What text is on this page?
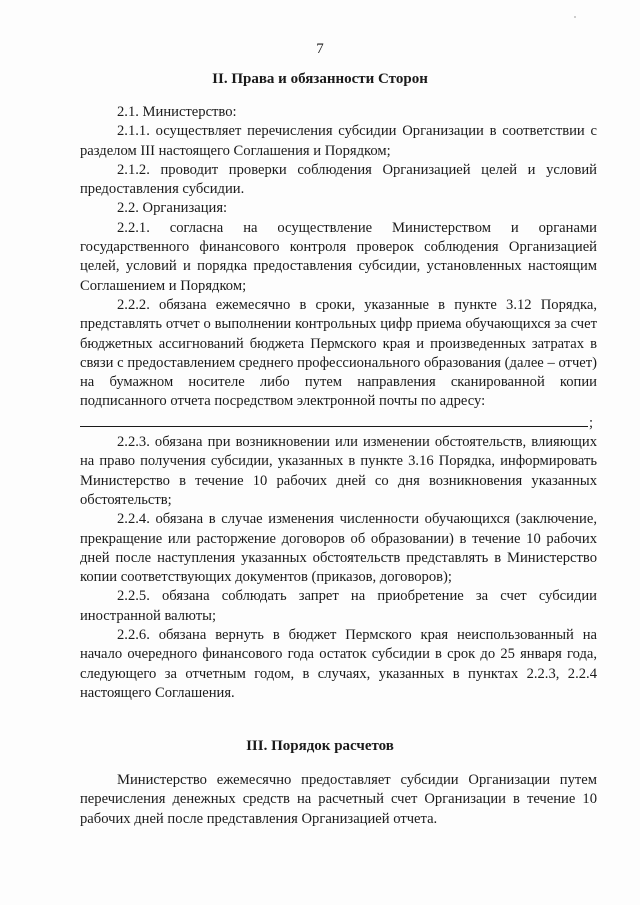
7
II. Права и обязанности Сторон

2.1. Министерство:

2.1.1. осуществляет перечисления субсидии Организации в соответствии с разделом III настоящего Соглашения и Порядком;

2.1.2. проводит проверки соблюдения Организацией целей и условий предоставления субсидии.

2.2. Организация:

2.2.1. согласна на осуществление Министерством и органами государственного финансового контроля проверок соблюдения Организацией целей, условий и порядка предоставления субсидии, установленных настоящим Соглашением и Порядком;

2.2.2. обязана ежемесячно в сроки, указанные в пункте 3.12 Порядка, представлять отчет о выполнении контрольных цифр приема обучающихся за счет бюджетных ассигнований бюджета Пермского края и произведенных затратах в связи с предоставлением среднего профессионального образования (далее – отчет) на бумажном носителе либо путем направления сканированной копии подписанного отчета посредством электронной почты по адресу:

;

2.2.3. обязана при возникновении или изменении обстоятельств, влияющих на право получения субсидии, указанных в пункте 3.16 Порядка, информировать Министерство в течение 10 рабочих дней со дня возникновения указанных обстоятельств;

2.2.4. обязана в случае изменения численности обучающихся (заключение, прекращение или расторжение договоров об образовании) в течение 10 рабочих дней после наступления указанных обстоятельств представлять в Министерство копии соответствующих документов (приказов, договоров);

2.2.5. обязана соблюдать запрет на приобретение за счет субсидии иностранной валюты;

2.2.6. обязана вернуть в бюджет Пермского края неиспользованный на начало очередного финансового года остаток субсидии в срок до 25 января года, следующего за отчетным годом, в случаях, указанных в пунктах 2.2.3, 2.2.4 настоящего Соглашения.

III. Порядок расчетов

Министерство ежемесячно предоставляет субсидии Организации путем перечисления денежных средств на расчетный счет Организации в течение 10 рабочих дней после представления Организацией отчета.
